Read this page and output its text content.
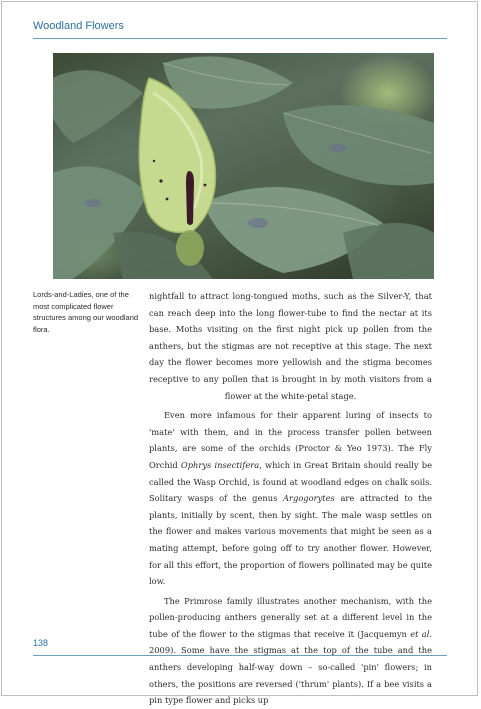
Woodland Flowers
Lords-and-Ladies, one of the most complicated flower structures among our woodland flora.

nightfall to attract long-tongued moths, such as the Silver-Y, that can reach deep into the long flower-tube to find the nectar at its base. Moths visiting on the first night pick up pollen from the anthers, but the stigmas are not receptive at this stage. The next day the flower becomes more yellowish and the stigma becomes receptive to any pollen that is brought in by moth visitors from a flower at the white-petal stage.

Even more infamous for their apparent luring of insects to 'mate' with them, and in the process transfer pollen between plants, are some of the orchids (Proctor & Yeo 1973). The Fly Orchid Ophrys insectifera, which in Great Britain should really be called the Wasp Orchid, is found at woodland edges on chalk soils. Solitary wasps of the genus Argogorytes are attracted to the plants, initially by scent, then by sight. The male wasp settles on the flower and makes various movements that might be seen as a mating attempt, before going off to try another flower. However, for all this effort, the proportion of flowers pollinated may be quite low.

The Primrose family illustrates another mechanism, with the pollen-producing anthers generally set at a different level in the tube of the flower to the stigmas that receive it (Jacquemyn et al. 2009). Some have the stigmas at the top of the tube and the anthers developing half-way down – so-called 'pin' flowers; in others, the positions are reversed ('thrum' plants). If a bee visits a pin type flower and picks up

138
